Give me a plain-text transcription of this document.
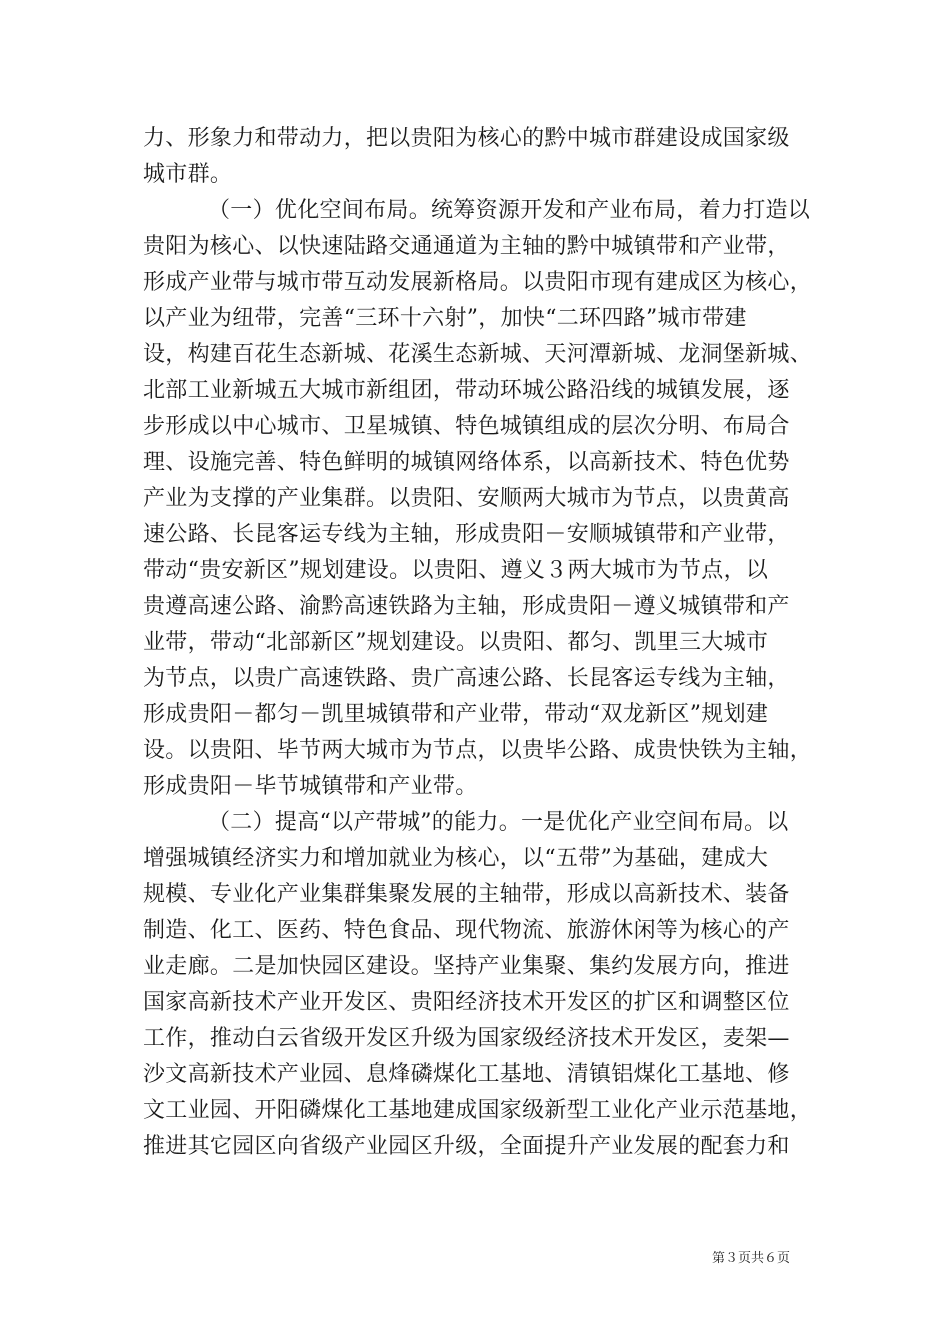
力、形象力和带动力，把以贵阳为核心的黔中城市群建设成国家级
城市群。
（一）优化空间布局。统筹资源开发和产业布局，着力打造以
贵阳为核心、以快速陆路交通通道为主轴的黔中城镇带和产业带，
形成产业带与城市带互动发展新格局。以贵阳市现有建成区为核心，
以产业为纽带，完善“三环十六射”，加快“二环四路”城市带建
设，构建百花生态新城、花溪生态新城、天河潭新城、龙洞堡新城、
北部工业新城五大城市新组团，带动环城公路沿线的城镇发展，逐
步形成以中心城市、卫星城镇、特色城镇组成的层次分明、布局合
理、设施完善、特色鲜明的城镇网络体系，以高新技术、特色优势
产业为支撑的产业集群。以贵阳、安顺两大城市为节点，以贵黄高
速公路、长昆客运专线为主轴，形成贵阳－安顺城镇带和产业带，
带动“贵安新区”规划建设。以贵阳、遵义３两大城市为节点，以
贵遵高速公路、渝黔高速铁路为主轴，形成贵阳－遵义城镇带和产
业带，带动“北部新区”规划建设。以贵阳、都匀、凯里三大城市
为节点，以贵广高速铁路、贵广高速公路、长昆客运专线为主轴，
形成贵阳－都匀－凯里城镇带和产业带，带动“双龙新区”规划建
设。以贵阳、毕节两大城市为节点，以贵毕公路、成贵快铁为主轴，
形成贵阳－毕节城镇带和产业带。
（二）提高“以产带城”的能力。一是优化产业空间布局。以
增强城镇经济实力和增加就业为核心，以“五带”为基础，建成大
规模、专业化产业集群集聚发展的主轴带，形成以高新技术、装备
制造、化工、医药、特色食品、现代物流、旅游休闲等为核心的产
业走廊。二是加快园区建设。坚持产业集聚、集约发展方向，推进
国家高新技术产业开发区、贵阳经济技术开发区的扩区和调整区位
工作，推动白云省级开发区升级为国家级经济技术开发区，麦架—
沙文高新技术产业园、息烽磷煤化工基地、清镇铝煤化工基地、修
文工业园、开阳磷煤化工基地建成国家级新型工业化产业示范基地，
推进其它园区向省级产业园区升级，全面提升产业发展的配套力和
第３页共６页
